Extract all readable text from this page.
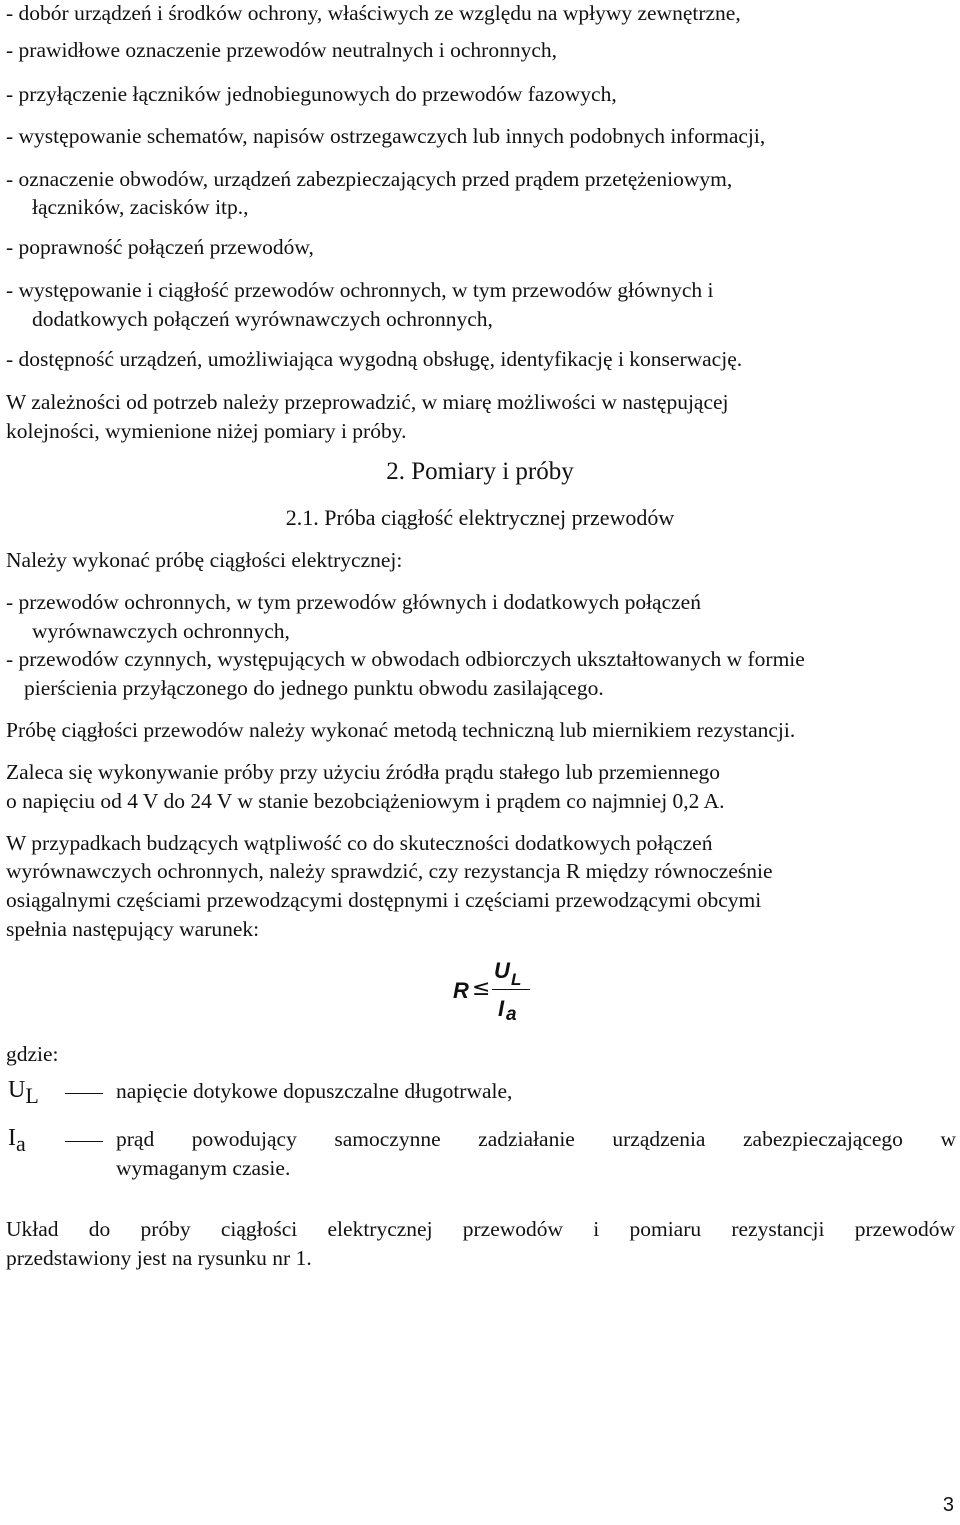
- dobór urządzeń i środków ochrony, właściwych ze względu na wpływy zewnętrzne,
- prawidłowe oznaczenie przewodów neutralnych i ochronnych,
- przyłączenie łączników jednobiegunowych do przewodów fazowych,
- występowanie schematów, napisów ostrzegawczych lub innych podobnych informacji,
- oznaczenie obwodów, urządzeń zabezpieczających przed prądem przetężeniowym,
łączników, zacisków itp.,
- poprawność połączeń przewodów,
- występowanie i ciągłość przewodów ochronnych, w tym przewodów głównych i
dodatkowych połączeń wyrównawczych ochronnych,
- dostępność urządzeń, umożliwiająca wygodną obsługę, identyfikację i konserwację.
W zależności od potrzeb należy przeprowadzić, w miarę możliwości w następującej
kolejności, wymienione niżej pomiary i próby.
2. Pomiary i próby
2.1. Próba ciągłość elektrycznej przewodów
Należy wykonać próbę ciągłości elektrycznej:
- przewodów ochronnych, w tym przewodów głównych i dodatkowych połączeń
wyrównawczych ochronnych,
- przewodów czynnych, występujących w obwodach odbiorczych ukształtowanych w formie
pierścienia przyłączonego do jednego punktu obwodu zasilającego.
Próbę ciągłości przewodów należy wykonać metodą techniczną lub miernikiem rezystancji.
Zaleca się wykonywanie próby przy użyciu źródła prądu stałego lub przemiennego
o napięciu od 4 V do 24 V w stanie bezobciążeniowym i prądem co najmniej 0,2 A.
W przypadkach budzących wątpliwość co do skuteczności dodatkowych połączeń
wyrównawczych ochronnych, należy sprawdzić, czy rezystancja R między równocześnie
osiągalnymi częściami przewodzącymi dostępnymi i częściami przewodzącymi obcymi
spełnia następujący warunek:
R ≤
U L
I a
gdzie:
$U_L$	napięcie dotykowe dopuszczalne długotrwale,
$I_a$	prąd powodujący samoczynne zadziałanie urządzenia zabezpieczającego w
wymaganym czasie.
Układ do próby ciągłości elektrycznej przewodów i pomiaru rezystancji przewodów
przedstawiony jest na rysunku nr 1.
3
